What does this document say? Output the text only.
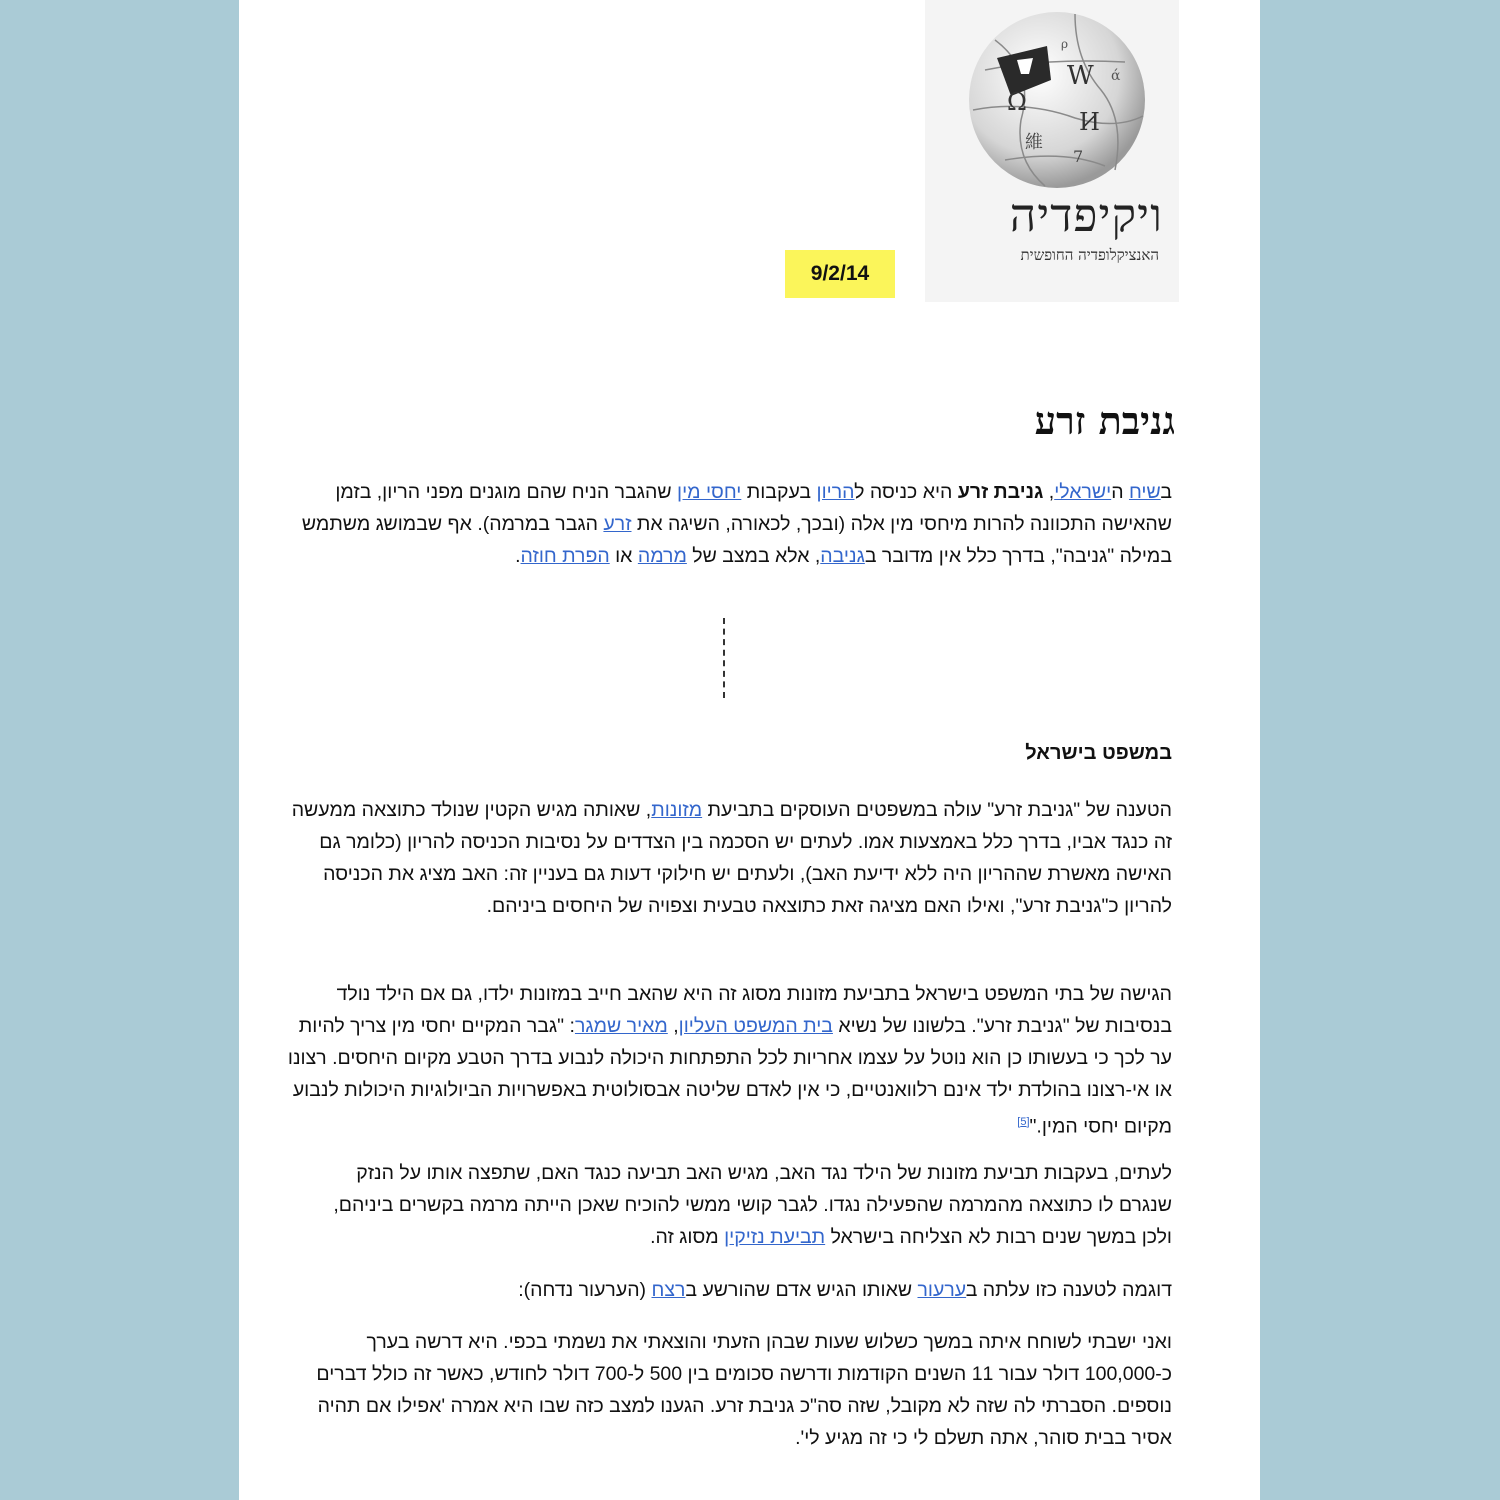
W
Ω
И
維
7
ά
ρ
ויקיפדיה
האנציקלופדיה החופשית
9/2/14
גניבת זרע

בשיח הישראלי, גניבת זרע היא כניסה להריון בעקבות יחסי מין שהגבר הניח שהם מוגנים מפני הריון, בזמן שהאישה התכוונה להרות מיחסי מין אלה (ובכך, לכאורה, השיגה את זרע הגבר במרמה). אף שבמושג משתמש במילה "גניבה", בדרך כלל אין מדובר בגניבה, אלא במצב של מרמה או הפרת חוזה.

במשפט בישראל

הטענה של "גניבת זרע" עולה במשפטים העוסקים בתביעת מזונות, שאותה מגיש הקטין שנולד כתוצאה ממעשה זה כנגד אביו, בדרך כלל באמצעות אמו. לעתים יש הסכמה בין הצדדים על נסיבות הכניסה להריון (כלומר גם האישה מאשרת שההריון היה ללא ידיעת האב), ולעתים יש חילוקי דעות גם בעניין זה: האב מציג את הכניסה להריון כ"גניבת זרע", ואילו האם מציגה זאת כתוצאה טבעית וצפויה של היחסים ביניהם.

הגישה של בתי המשפט בישראל בתביעת מזונות מסוג זה היא שהאב חייב במזונות ילדו, גם אם הילד נולד בנסיבות של "גניבת זרע". בלשונו של נשיא בית המשפט העליון, מאיר שמגר: "גבר המקיים יחסי מין צריך להיות ער לכך כי בעשותו כן הוא נוטל על עצמו אחריות לכל התפתחות היכולה לנבוע בדרך הטבע מקיום היחסים. רצונו או אי-רצונו בהולדת ילד אינם רלוואנטיים, כי אין לאדם שליטה אבסולוטית באפשרויות הביולוגיות היכולות לנבוע מקיום יחסי המין."[5]

לעתים, בעקבות תביעת מזונות של הילד נגד האב, מגיש האב תביעה כנגד האם, שתפצה אותו על הנזק שנגרם לו כתוצאה מהמרמה שהפעילה נגדו. לגבר קושי ממשי להוכיח שאכן הייתה מרמה בקשרים ביניהם, ולכן במשך שנים רבות לא הצליחה בישראל תביעת נזיקין מסוג זה.

דוגמה לטענה כזו עלתה בערעור שאותו הגיש אדם שהורשע ברצח (הערעור נדחה):

ואני ישבתי לשוחח איתה במשך כשלוש שעות שבהן הזעתי והוצאתי את נשמתי בכפי. היא דרשה בערך כ-100,000 דולר עבור 11 השנים הקודמות ודרשה סכומים בין 500 ל-700 דולר לחודש, כאשר זה כולל דברים נוספים. הסברתי לה שזה לא מקובל, שזה סה"כ גניבת זרע. הגענו למצב כזה שבו היא אמרה 'אפילו אם תהיה אסיר בבית סוהר, אתה תשלם לי כי זה מגיע לי'.
